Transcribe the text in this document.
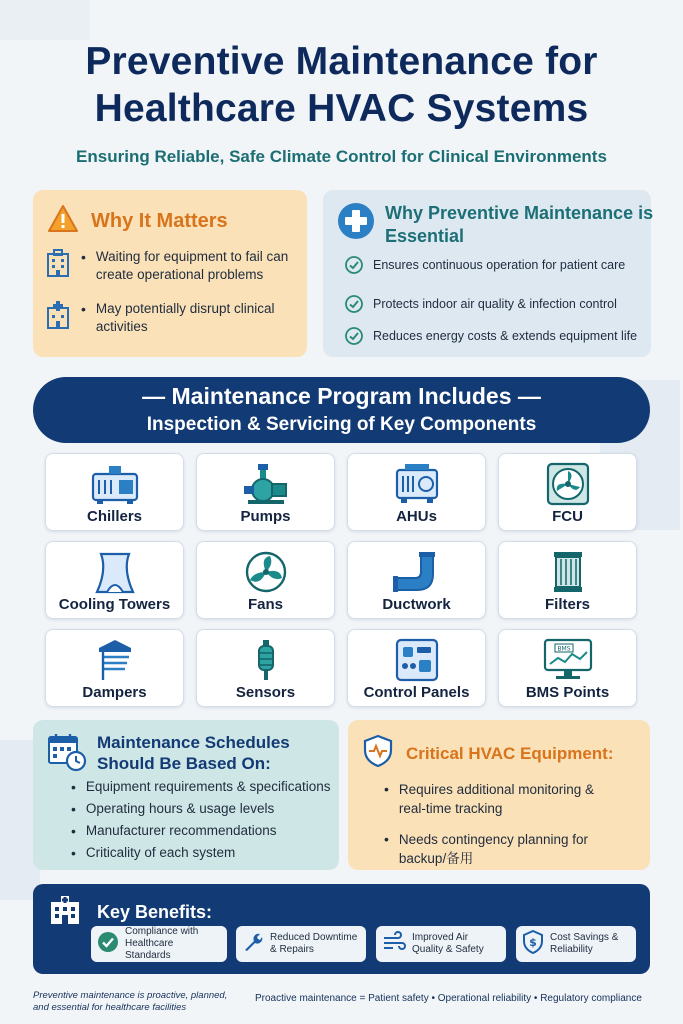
Preventive Maintenance for
Healthcare HVAC Systems
Ensuring Reliable, Safe Climate Control for Clinical Environments
Why It Matters
• Waiting for equipment to fail can create operational problems
• May potentially disrupt clinical activities
Why Preventive Maintenance is Essential
Ensures continuous operation for patient care
Protects indoor air quality & infection control
Reduces energy costs & extends equipment life
— Maintenance Program Includes —
Inspection & Servicing of Key Components
Chillers	Pumps	AHUs	FCU
Cooling Towers	Fans	Ductwork	Filters
Dampers	Sensors	Control Panels
BMS
BMS Points
Maintenance Schedules
Should Be Based On:
• Equipment requirements & specifications
• Operating hours & usage levels
• Manufacturer recommendations
• Criticality of each system
Critical HVAC Equipment:
• Requires additional monitoring & real-time tracking
• Needs contingency planning for backup/备用
Key Benefits:
Compliance with
Healthcare Standards
Reduced Downtime
& Repairs
Improved Air
Quality & Safety
$ Cost Savings &
Reliability
Preventive maintenance is proactive, planned,
and essential for healthcare facilities
Proactive maintenance = Patient safety • Operational reliability • Regulatory compliance
